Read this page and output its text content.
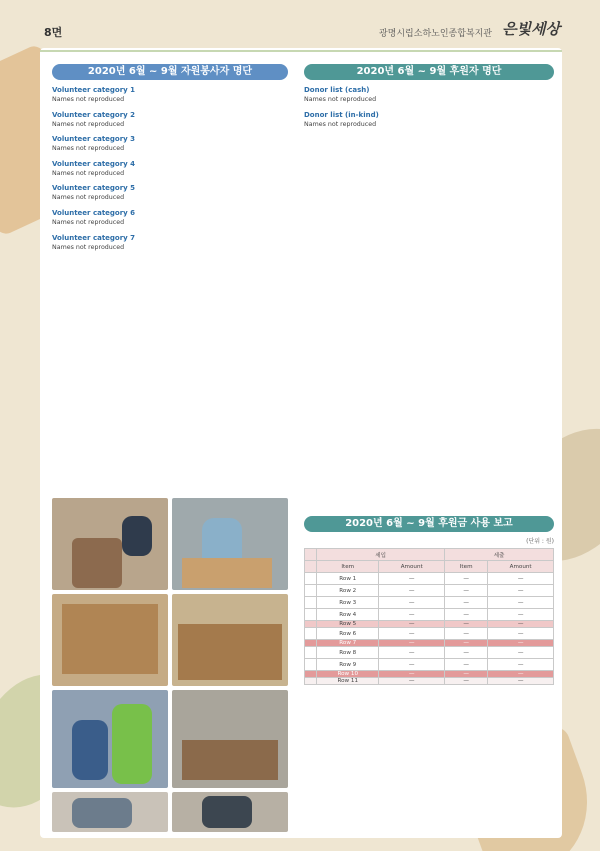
8면	광명시립소하노인종합복지관 은빛세상
2020년 6월 ~ 9월 자원봉사자 명단
Volunteer category 1
Names not reproduced
Volunteer category 2
Names not reproduced
Volunteer category 3
Names not reproduced
Volunteer category 4
Names not reproduced
Volunteer category 5
Names not reproduced
Volunteer category 6
Names not reproduced
Volunteer category 7
Names not reproduced
2020년 6월 ~ 9월 후원자 명단
Donor list (cash)
Names not reproduced
Donor list (in-kind)
Names not reproduced
2020년 6월 ~ 9월 후원금 사용 보고
(단위 : 원)
	세입		세출	
	Item	Amount	Item	Amount
	Row 1	—	—	—
	Row 2	—	—	—
	Row 3	—	—	—
	Row 4	—	—	—
	Row 5	—	—	—
	Row 6	—	—	—
	Row 7	—	—	—
	Row 8	—	—	—
	Row 9	—	—	—
	Row 10	—	—	—
	Row 11	—	—	—
